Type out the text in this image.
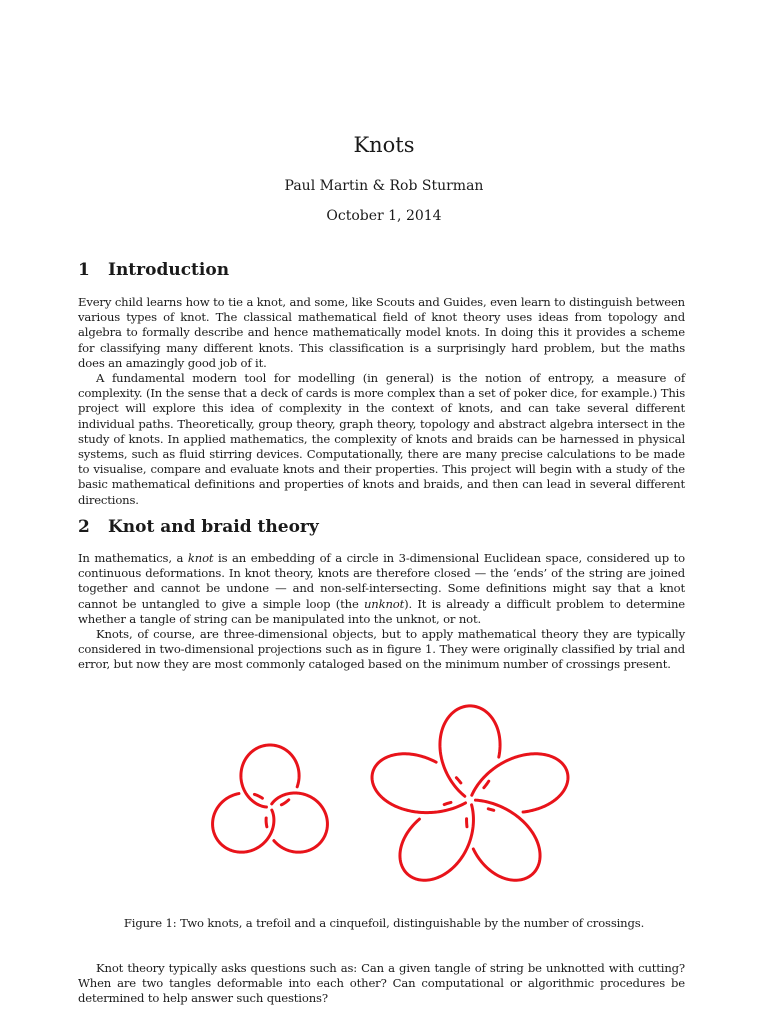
Knots
Paul Martin & Rob Sturman
October 1, 2014
1 Introduction

Every child learns how to tie a knot, and some, like Scouts and Guides, even learn to distinguish between various types of knot. The classical mathematical field of knot theory uses ideas from topology and algebra to formally describe and hence mathematically model knots. In doing this it provides a scheme for classifying many different knots. This classification is a surprisingly hard problem, but the maths does an amazingly good job of it.

A fundamental modern tool for modelling (in general) is the notion of entropy, a measure of complexity. (In the sense that a deck of cards is more complex than a set of poker dice, for example.) This project will explore this idea of complexity in the context of knots, and can take several different individual paths. Theoretically, group theory, graph theory, topology and abstract algebra intersect in the study of knots. In applied mathematics, the complexity of knots and braids can be harnessed in physical systems, such as fluid stirring devices. Computationally, there are many precise calculations to be made to visualise, compare and evaluate knots and their properties. This project will begin with a study of the basic mathematical definitions and properties of knots and braids, and then can lead in several different directions.

2 Knot and braid theory

In mathematics, a knot is an embedding of a circle in 3-dimensional Euclidean space, considered up to continuous deformations. In knot theory, knots are therefore closed — the ‘ends’ of the string are joined together and cannot be undone — and non-self-intersecting. Some definitions might say that a knot cannot be untangled to give a simple loop (the unknot). It is already a difficult problem to determine whether a tangle of string can be manipulated into the unknot, or not.

Knots, of course, are three-dimensional objects, but to apply mathematical theory they are typically considered in two-dimensional projections such as in figure 1. They were originally classified by trial and error, but now they are most commonly cataloged based on the minimum number of crossings present.

Figure 1: Two knots, a trefoil and a cinquefoil, distinguishable by the number of crossings.

Knot theory typically asks questions such as: Can a given tangle of string be unknotted with cutting? When are two tangles deformable into each other? Can computational or algorithmic procedures be determined to help answer such questions?
